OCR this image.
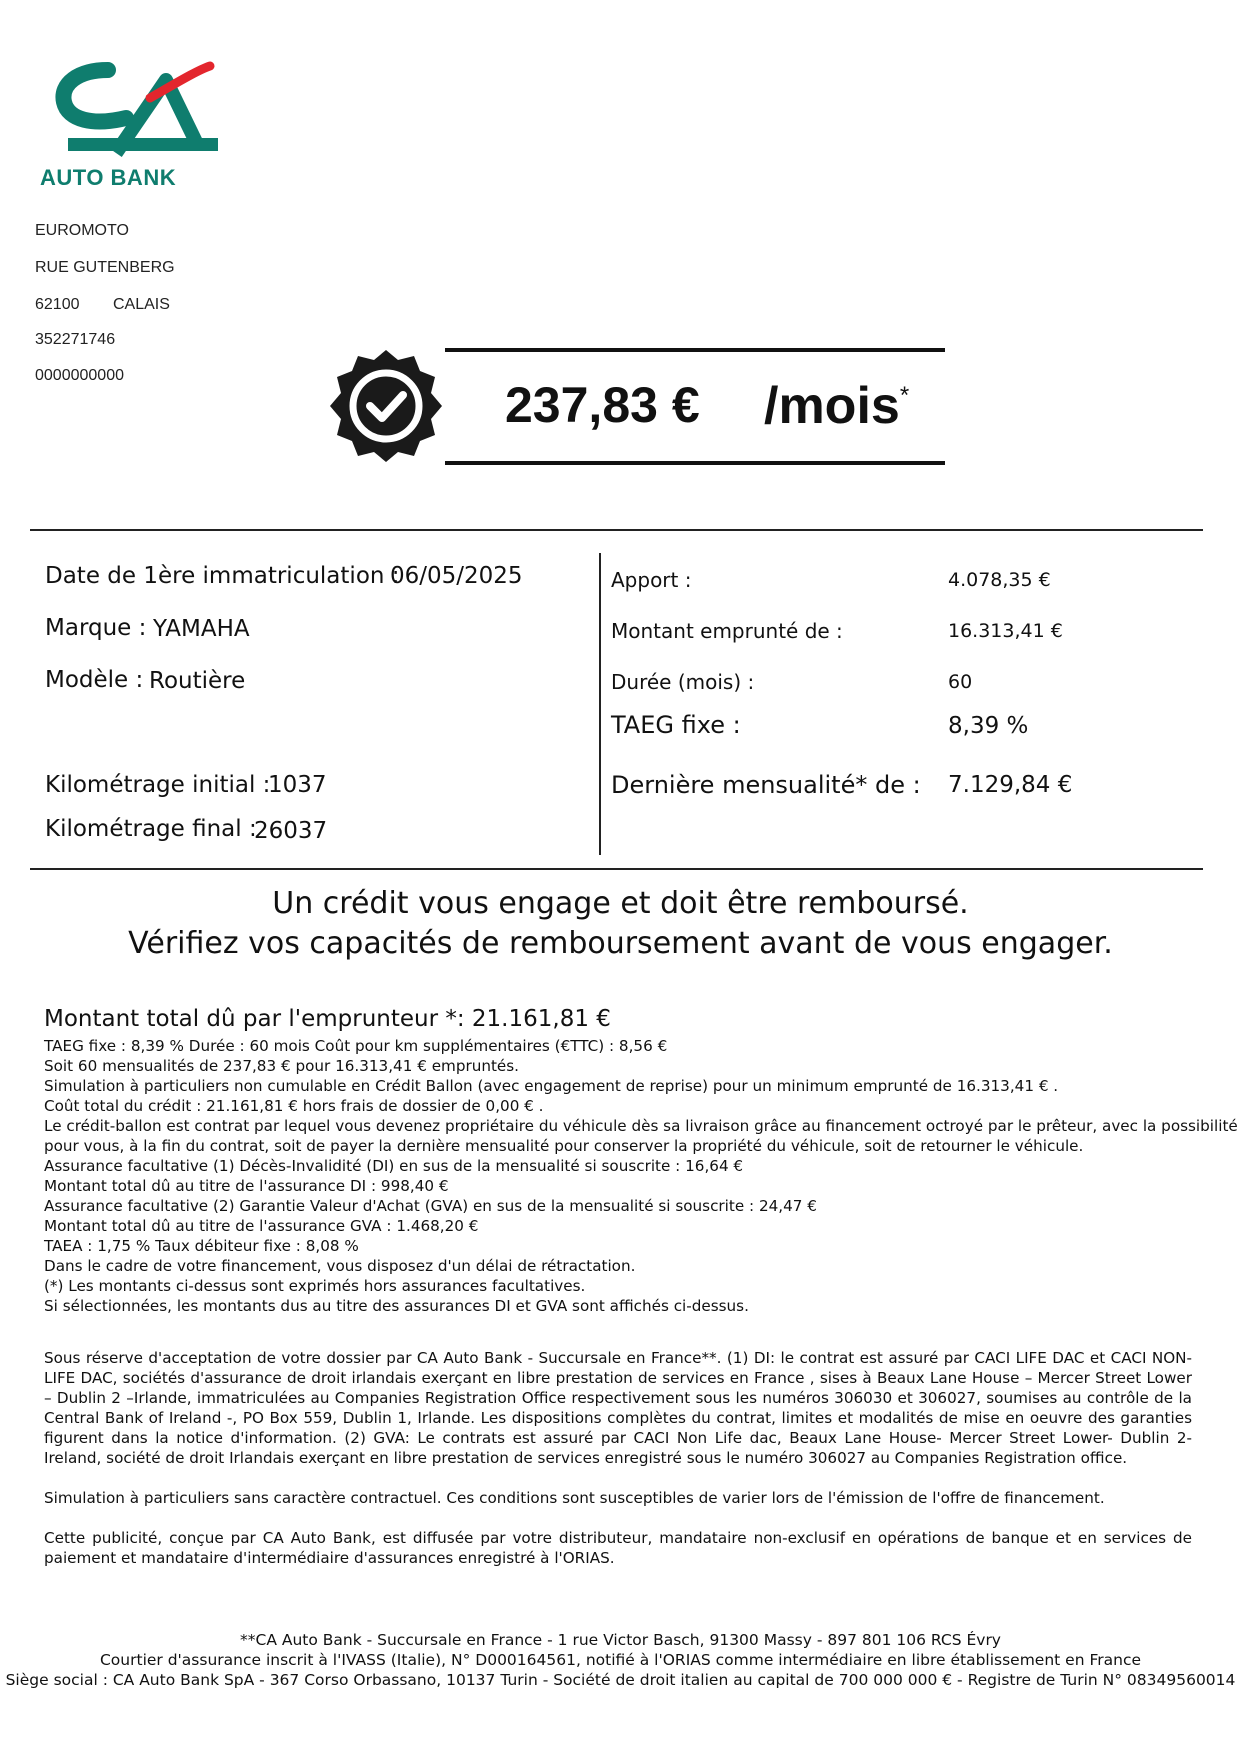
AUTO BANK
EUROMOTO
RUE GUTENBERG
62100 CALAIS
352271746
0000000000
237,83 € /mois*
Date de 1ère immatriculation :
06/05/2025
Marque : YAMAHA
Modèle : Routière
Kilométrage initial :
1037
Kilométrage final :
26037
Apport :	4.078,35 €
Montant emprunté de :	16.313,41 €
Durée (mois) :	60
TAEG fixe :	8,39 %
Dernière mensualité* de : 7.129,84 €
Un crédit vous engage et doit être remboursé.
Vérifiez vos capacités de remboursement avant de vous engager.
Montant total dû par l'emprunteur *: 21.161,81 €
TAEG fixe : 8,39 % Durée : 60 mois Coût pour km supplémentaires (€TTC) : 8,56 €
Soit 60 mensualités de 237,83 € pour 16.313,41 € empruntés.
Simulation à particuliers non cumulable en Crédit Ballon (avec engagement de reprise) pour un minimum emprunté de 16.313,41 € .
Coût total du crédit : 21.161,81 € hors frais de dossier de 0,00 € .
Le crédit-ballon est contrat par lequel vous devenez propriétaire du véhicule dès sa livraison grâce au financement octroyé par le prêteur, avec la possibilité
pour vous, à la fin du contrat, soit de payer la dernière mensualité pour conserver la propriété du véhicule, soit de retourner le véhicule.
Assurance facultative (1) Décès-Invalidité (DI) en sus de la mensualité si souscrite : 16,64 €
Montant total dû au titre de l'assurance DI : 998,40 €
Assurance facultative (2) Garantie Valeur d'Achat (GVA) en sus de la mensualité si souscrite : 24,47 €
Montant total dû au titre de l'assurance GVA : 1.468,20 €
TAEA : 1,75 % Taux débiteur fixe : 8,08 %
Dans le cadre de votre financement, vous disposez d'un délai de rétractation.
(*) Les montants ci-dessus sont exprimés hors assurances facultatives.
Si sélectionnées, les montants dus au titre des assurances DI et GVA sont affichés ci-dessus.
Sous réserve d'acceptation de votre dossier par CA Auto Bank - Succursale en France**. (1) DI: le contrat est assuré par CACI LIFE DAC et CACI NON-LIFE DAC, sociétés d'assurance de droit irlandais exerçant en libre prestation de services en France , sises à Beaux Lane House – Mercer Street Lower – Dublin 2 –Irlande, immatriculées au Companies Registration Office respectivement sous les numéros 306030 et 306027, soumises au contrôle de la Central Bank of Ireland -, PO Box 559, Dublin 1, Irlande. Les dispositions complètes du contrat, limites et modalités de mise en oeuvre des garanties figurent dans la notice d'information. (2) GVA: Le contrats est assuré par CACI Non Life dac, Beaux Lane House- Mercer Street Lower- Dublin 2- Ireland, société de droit Irlandais exerçant en libre prestation de services enregistré sous le numéro 306027 au Companies Registration office.
Simulation à particuliers sans caractère contractuel. Ces conditions sont susceptibles de varier lors de l'émission de l'offre de financement.
Cette publicité, conçue par CA Auto Bank, est diffusée par votre distributeur, mandataire non-exclusif en opérations de banque et en services de paiement et mandataire d'intermédiaire d'assurances enregistré à l'ORIAS.
**CA Auto Bank - Succursale en France - 1 rue Victor Basch, 91300 Massy - 897 801 106 RCS Évry
Courtier d'assurance inscrit à l'IVASS (Italie), N° D000164561, notifié à l'ORIAS comme intermédiaire en libre établissement en France
Siège social : CA Auto Bank SpA - 367 Corso Orbassano, 10137 Turin - Société de droit italien au capital de 700 000 000 € - Registre de Turin N° 08349560014
